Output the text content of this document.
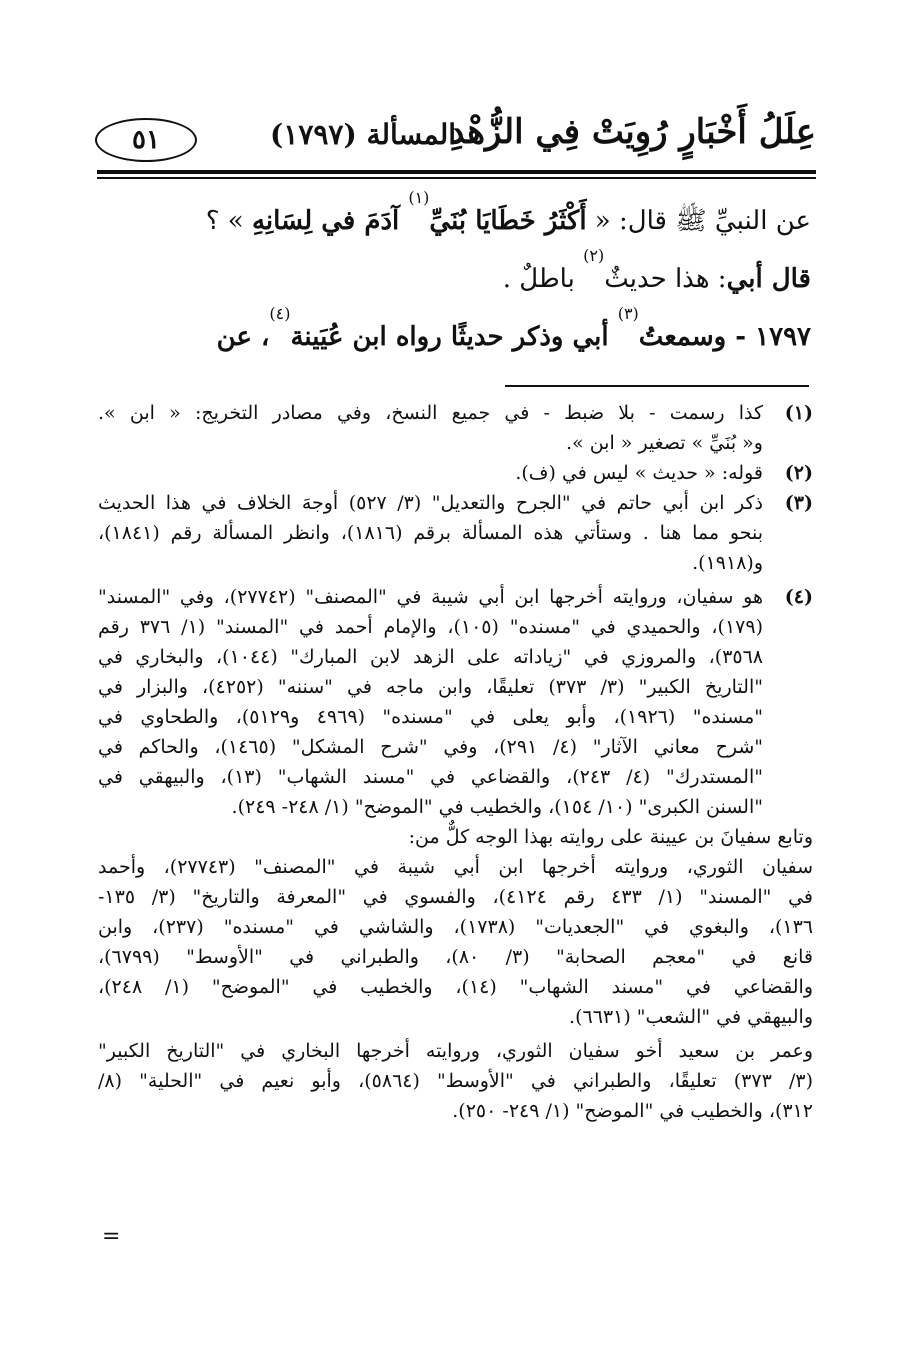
عِلَلُ أَخْبَارٍ رُوِيَتْ فِي الزُّهْدِ
المسألة (١٧٩٧)
٥١

عن النبيِّ ﷺ قال: « أَكْثَرُ خَطَايَا بُنَيِّ$^{(١)}$ آدَمَ في لِسَانِهِ » ؟

قال أبي: هذا حديثٌ$^{(٢)}$ باطلٌ .

١٧٩٧ - وسمعتُ$^{(٣)}$ أبي وذكر حديثًا رواه ابن عُيَينة$^{(٤)}$، عن

(١)
كذا رسمت - بلا ضبط - في جميع النسخ، وفي مصادر التخريج: « ابن ».
و« بُنَيِّ » تصغير « ابن ».
(٢)
قوله: « حديث » ليس في (ف).
(٣)
ذكر ابن أبي حاتم في "الجرح والتعديل" (٣/ ٥٢٧) أوجهَ الخلاف في هذا الحديث
بنحو مما هنا . وستأتي هذه المسألة برقم (١٨١٦)، وانظر المسألة رقم (١٨٤١)،
و(١٩١٨).
(٤)
هو سفيان، وروايته أخرجها ابن أبي شيبة في "المصنف" (٢٧٧٤٢)، وفي "المسند"
(١٧٩)، والحميدي في "مسنده" (١٠٥)، والإمام أحمد في "المسند" (١/ ٣٧٦ رقم
٣٥٦٨)، والمروزي في "زياداته على الزهد لابن المبارك" (١٠٤٤)، والبخاري في
"التاريخ الكبير" (٣/ ٣٧٣) تعليقًا، وابن ماجه في "سننه" (٤٢٥٢)، والبزار في
"مسنده" (١٩٢٦)، وأبو يعلى في "مسنده" (٤٩٦٩ و٥١٢٩)، والطحاوي في
"شرح معاني الآثار" (٤/ ٢٩١)، وفي "شرح المشكل" (١٤٦٥)، والحاكم في
"المستدرك" (٤/ ٢٤٣)، والقضاعي في "مسند الشهاب" (١٣)، والبيهقي في
"السنن الكبرى" (١٠/ ١٥٤)، والخطيب في "الموضح" (١/ ٢٤٨- ٢٤٩).
وتابع سفيانَ بن عيينة على روايته بهذا الوجه كلٌّ من:
سفيان الثوري، وروايته أخرجها ابن أبي شيبة في "المصنف" (٢٧٧٤٣)، وأحمد
في "المسند" (١/ ٤٣٣ رقم ٤١٢٤)، والفسوي في "المعرفة والتاريخ" (٣/ ١٣٥-
١٣٦)، والبغوي في "الجعديات" (١٧٣٨)، والشاشي في "مسنده" (٢٣٧)، وابن
قانع في "معجم الصحابة" (٣/ ٨٠)، والطبراني في "الأوسط" (٦٧٩٩)،
والقضاعي في "مسند الشهاب" (١٤)، والخطيب في "الموضح" (١/ ٢٤٨)،
والبيهقي في "الشعب" (٦٦٣١).
وعمر بن سعيد أخو سفيان الثوري، وروايته أخرجها البخاري في "التاريخ الكبير"
(٣/ ٣٧٣) تعليقًا، والطبراني في "الأوسط" (٥٨٦٤)، وأبو نعيم في "الحلية" (٨/
٣١٢)، والخطيب في "الموضح" (١/ ٢٤٩- ٢٥٠).
=
